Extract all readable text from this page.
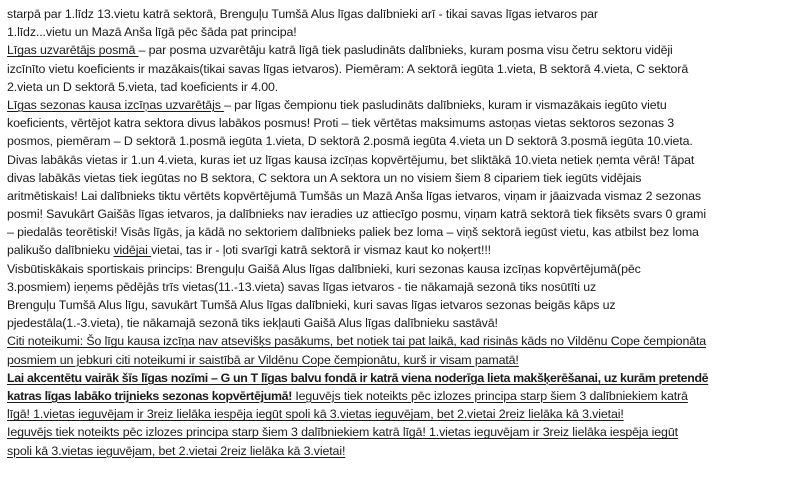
starpā par 1.līdz 13.vietu katrā sektorā, Brenguļu Tumšā Alus līgas dalībnieki arī - tikai savas līgas ietvaros par
1.līdz...vietu un Mazā Anša līgā pēc šāda pat principa!
Līgas uzvarētājs posmā – par posma uzvarētāju katrā līgā tiek pasludināts dalībnieks, kuram posma visu četru sektoru vidēji
izcīnīto vietu koeficients ir mazākais(tikai savas līgas ietvaros). Piemēram: A sektorā iegūta 1.vieta, B sektorā 4.vieta, C sektorā
2.vieta un D sektorā 5.vieta, tad koeficients ir 4.00.
Līgas sezonas kausa izcīņas uzvarētājs – par līgas čempionu tiek pasludināts dalībnieks, kuram ir vismazākais iegūto vietu
koeficients, vērtējot katra sektora divus labākos posmus! Proti – tiek vērtētas maksimums astoņas vietas sektoros sezonas 3
posmos, piemēram – D sektorā 1.posmā iegūta 1.vieta, D sektorā 2.posmā iegūta 4.vieta un D sektorā 3.posmā iegūta 10.vieta.
Divas labākās vietas ir 1.un 4.vieta, kuras iet uz līgas kausa izcīņas kopvērtējumu, bet sliktākā 10.vieta netiek ņemta vērā! Tāpat
divas labākās vietas tiek iegūtas no B sektora, C sektora un A sektora un no visiem šiem 8 cipariem tiek iegūts vidējais
aritmētiskais! Lai dalībnieks tiktu vērtēts kopvērtējumā Tumšās un Mazā Anša līgas ietvaros, viņam ir jāaizvada vismaz 2 sezonas
posmi! Savukārt Gaišās līgas ietvaros, ja dalībnieks nav ieradies uz attiecīgo posmu, viņam katrā sektorā tiek fiksēts svars 0 grami
– piedalās teorētiski! Visās līgās, ja kādā no sektoriem dalībnieks paliek bez loma – viņš sektorā iegūst vietu, kas atbilst bez loma
palikušo dalībnieku vidējai vietai, tas ir - ļoti svarīgi katrā sektorā ir vismaz kaut ko noķert!!!
Visbūtiskākais sportiskais princips: Brenguļu Gaišā Alus līgas dalībnieki, kuri sezonas kausa izcīņas kopvērtējumā(pēc
3.posmiem) ieņems pēdējās trīs vietas(11.-13.vieta) savas līgas ietvaros - tie nākamajā sezonā tiks nosūtīti uz
Brenguļu Tumšā Alus līgu, savukārt Tumšā Alus līgas dalībnieki, kuri savas līgas ietvaros sezonas beigās kāps uz
pjedestāla(1.-3.vieta), tie nākamajā sezonā tiks iekļauti Gaišā Alus līgas dalībnieku sastāvā!
Citi noteikumi: Šo līgu kausa izcīņa nav atsevišķs pasākums, bet notiek tai pat laikā, kad risinās kāds no Vildēnu Cope čempionāta
posmiem un jebkuri citi noteikumi ir saistībā ar Vildēnu Cope čempionātu, kurš ir visam pamatā!
Lai akcentētu vairāk šīs līgas nozīmi – G un T līgas balvu fondā ir katrā viena noderīga lieta makšķerēšanai, uz kurām pretendē
katras līgas labāko trijnieks sezonas kopvērtējumā! Ieguvējs tiek noteikts pēc izlozes principa starp šiem 3 dalībniekiem katrā
līgā! 1.vietas ieguvējam ir 3reiz lielāka iespēja iegūt spoli kā 3.vietas ieguvējam, bet 2.vietai 2reiz lielāka kā 3.vietai!
Ieguvējs tiek noteikts pēc izlozes principa starp šiem 3 dalībniekiem katrā līgā! 1.vietas ieguvējam ir 3reiz lielāka iespēja iegūt
spoli kā 3.vietas ieguvējam, bet 2.vietai 2reiz lielāka kā 3.vietai!
